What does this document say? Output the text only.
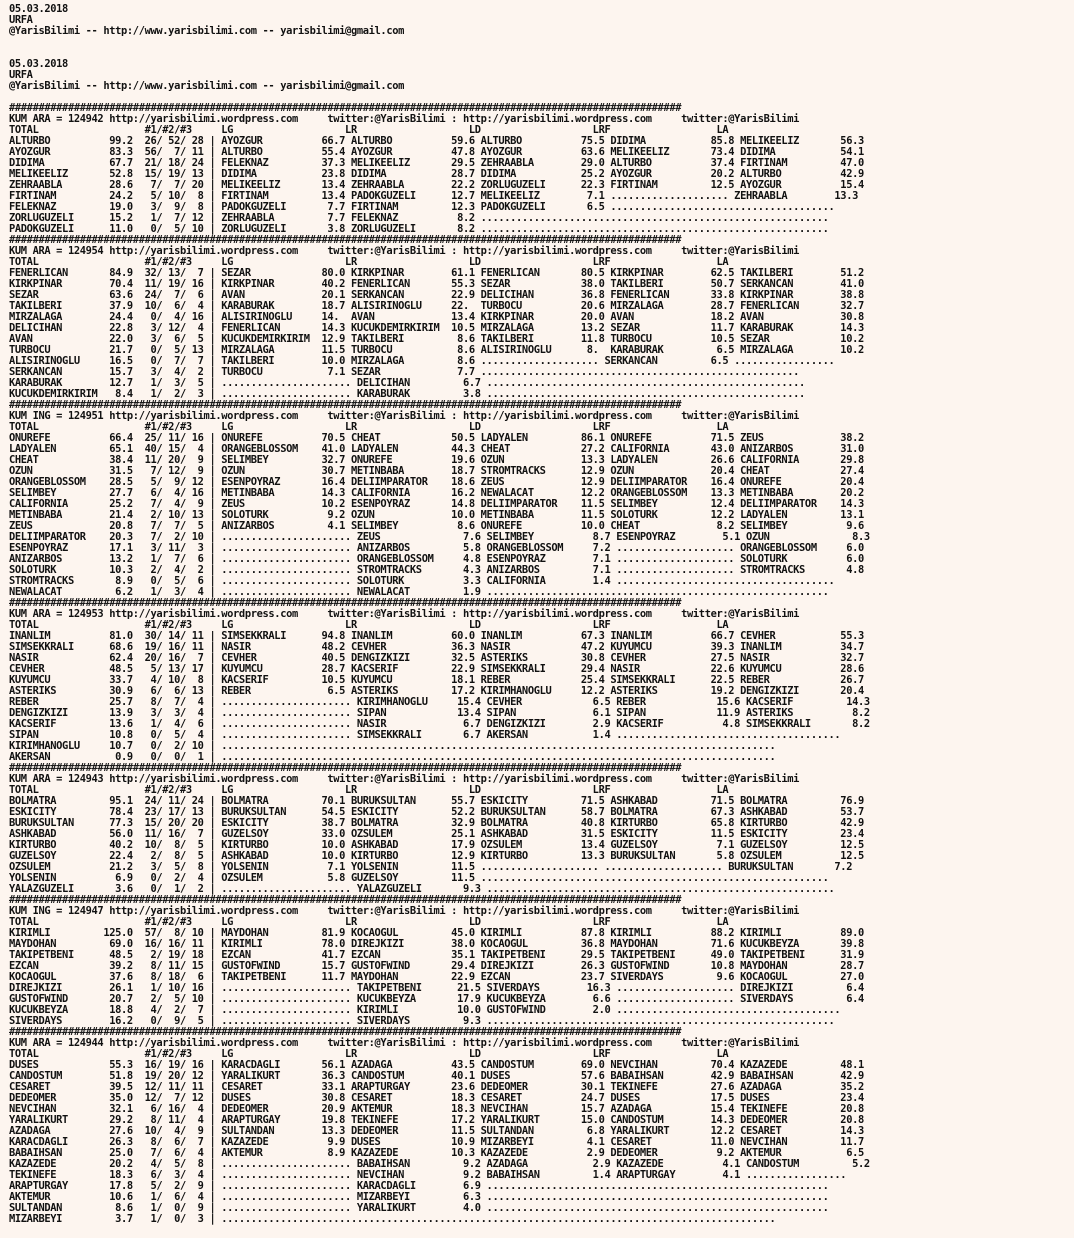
05.03.2018
URFA
@YarisBilimi -- http://www.yarisbilimi.com -- yarisbilimi@gmail.com
05.03.2018
URFA
@YarisBilimi -- http://www.yarisbilimi.com -- yarisbilimi@gmail.com
##################################################################################################################
KUM ARA = 124942 http://yarisbilimi.wordpress.com     twitter:@YarisBilimi : http://yarisbilimi.wordpress.com     twitter:@YarisBilimi
TOTAL                  #1/#2/#3     LG                   LR                   LD                   LRF                  LA
ALTURBO          99.2  26/ 52/ 28 | AYOZGUR          66.7 ALTURBO          59.6 ALTURBO          75.5 DIDIMA           85.8 MELIKEELIZ       56.3
AYOZGUR          83.3  56/  7/ 11 | ALTURBO          55.4 AYOZGUR          47.8 AYOZGUR          63.6 MELIKEELIZ       73.4 DIDIMA           54.1
DIDIMA           67.7  21/ 18/ 24 | FELEKNAZ         37.3 MELIKEELIZ       29.5 ZEHRAABLA        29.0 ALTURBO          37.4 FIRTINAM         47.0
MELIKEELIZ       52.8  15/ 19/ 13 | DIDIMA           23.8 DIDIMA           28.7 DIDIMA           25.2 AYOZGUR          20.2 ALTURBO          42.9
ZEHRAABLA        28.6   7/  7/ 20 | MELIKEELIZ       13.4 ZEHRAABLA        22.2 ZORLUGUZELI      22.3 FIRTINAM         12.5 AYOZGUR          15.4
FIRTINAM         24.2   5/ 10/  8 | FIRTINAM         13.4 PADOKGUZELI      12.7 MELIKEELIZ        7.1 .................... ZEHRAABLA        13.3
FELEKNAZ         19.0   3/  9/  8 | PADOKGUZELI       7.7 FIRTINAM         12.3 PADOKGUZELI       6.5 ......................................
ZORLUGUZELI      15.2   1/  7/ 12 | ZEHRAABLA         7.7 FELEKNAZ          8.2 ...........................................................
PADOKGUZELI      11.0   0/  5/ 10 | ZORLUGUZELI       3.8 ZORLUGUZELI       8.2 ...........................................................
##################################################################################################################
KUM ARA = 124954 http://yarisbilimi.wordpress.com     twitter:@YarisBilimi : http://yarisbilimi.wordpress.com     twitter:@YarisBilimi
TOTAL                  #1/#2/#3     LG                   LR                   LD                   LRF                  LA
FENERLICAN       84.9  32/ 13/  7 | SEZAR            80.0 KIRKPINAR        61.1 FENERLICAN       80.5 KIRKPINAR        62.5 TAKILBERI        51.2
KIRKPINAR        70.4  11/ 19/ 16 | KIRKPINAR        40.2 FENERLICAN       55.3 SEZAR            38.0 TAKILBERI        50.7 SERKANCAN        41.0
SEZAR            63.6  24/  7/  6 | AVAN             20.1 SERKANCAN        22.9 DELICIHAN        36.8 FENERLICAN       33.8 KIRKPINAR        38.8
TAKILBERI        37.9  10/  6/  4 | KARABURAK        18.7 ALISIRINOGLU     22.  TURBOCU          20.6 MIRZALAGA        28.7 FENERLICAN       32.7
MIRZALAGA        24.4   0/  4/ 16 | ALISIRINOGLU     14.  AVAN             13.4 KIRKPINAR        20.0 AVAN             18.2 AVAN             30.8
DELICIHAN        22.8   3/ 12/  4 | FENERLICAN       14.3 KUCUKDEMIRKIRIM  10.5 MIRZALAGA        13.2 SEZAR            11.7 KARABURAK        14.3
AVAN             22.0   3/  6/  5 | KUCUKDEMIRKIRIM  12.9 TAKILBERI         8.6 TAKILBERI        11.8 TURBOCU          10.5 SEZAR            10.2
TURBOCU          21.7   0/  5/ 13 | MIRZALAGA        11.5 TURBOCU           8.6 ALISIRINOGLU      8.  KARABURAK         6.5 MIRZALAGA        10.2
ALISIRINOGLU     16.5   0/  7/  7 | TAKILBERI        10.0 MIRZALAGA         8.6 .................... SERKANCAN         6.5 .................
SERKANCAN        15.7   3/  4/  2 | TURBOCU           7.1 SEZAR             7.7 ......................................................
KARABURAK        12.7   1/  3/  5 | ...................... DELICIHAN         6.7 ......................................................
KUCUKDEMIRKIRIM   8.4   1/  2/  3 | ...................... KARABURAK         3.8 ......................................................
##################################################################################################################
KUM ING = 124951 http://yarisbilimi.wordpress.com     twitter:@YarisBilimi : http://yarisbilimi.wordpress.com     twitter:@YarisBilimi
TOTAL                  #1/#2/#3     LG                   LR                   LD                   LRF                  LA
ONUREFE          66.4  25/ 11/ 16 | ONUREFE          70.5 CHEAT            50.5 LADYALEN         86.1 ONUREFE          71.5 ZEUS             38.2
LADYALEN         65.1  40/ 15/  4 | ORANGEBLOSSOM    41.0 LADYALEN         44.3 CHEAT            27.2 CALIFORNIA       43.0 ANIZARBOS        31.0
CHEAT            38.4  11/ 20/  9 | SELIMBEY         32.7 ONUREFE          19.6 OZUN             13.3 LADYALEN         26.6 CALIFORNIA       29.8
OZUN             31.5   7/ 12/  9 | OZUN             30.7 METINBABA        18.7 STROMTRACKS      12.9 OZUN             20.4 CHEAT            27.4
ORANGEBLOSSOM    28.5   5/  9/ 12 | ESENPOYRAZ       16.4 DELIIMPARATOR    18.6 ZEUS             12.9 DELIIMPARATOR    16.4 ONUREFE          20.4
SELIMBEY         27.7   6/  4/ 16 | METINBABA        14.3 CALIFORNIA       16.2 NEWALACAT        12.2 ORANGEBLOSSOM    13.3 METINBABA        20.2
CALIFORNIA       25.2   7/  4/  9 | ZEUS             10.2 ESENPOYRAZ       14.8 DELIIMPARATOR    11.5 SELIMBEY         12.4 DELIIMPARATOR    14.3
METINBABA        21.4   2/ 10/ 13 | SOLOTURK          9.2 OZUN             10.0 METINBABA        11.5 SOLOTURK         12.2 LADYALEN         13.1
ZEUS             20.8   7/  7/  5 | ANIZARBOS         4.1 SELIMBEY          8.6 ONUREFE          10.0 CHEAT             8.2 SELIMBEY          9.6
DELIIMPARATOR    20.3   7/  2/ 10 | ...................... ZEUS              7.6 SELIMBEY          8.7 ESENPOYRAZ        5.1 OZUN              8.3
ESENPOYRAZ       17.1   3/ 11/  3 | ...................... ANIZARBOS         5.8 ORANGEBLOSSOM     7.2 .................... ORANGEBLOSSOM     6.0
ANIZARBOS        13.2   1/  7/  6 | ...................... ORANGEBLOSSOM     4.8 ESENPOYRAZ        7.1 .................... SOLOTURK          6.0
SOLOTURK         10.3   2/  4/  2 | ...................... STROMTRACKS       4.3 ANIZARBOS         7.1 .................... STROMTRACKS       4.8
STROMTRACKS       8.9   0/  5/  6 | ...................... SOLOTURK          3.3 CALIFORNIA        1.4 .....................................
NEWALACAT         6.2   1/  3/  4 | ...................... NEWALACAT         1.9 ..........................................................
##################################################################################################################
KUM ARA = 124953 http://yarisbilimi.wordpress.com     twitter:@YarisBilimi : http://yarisbilimi.wordpress.com     twitter:@YarisBilimi
TOTAL                  #1/#2/#3     LG                   LR                   LD                   LRF                  LA
INANLIM          81.0  30/ 14/ 11 | SIMSEKKRALI      94.8 INANLIM          60.0 INANLIM          67.3 INANLIM          66.7 CEVHER           55.3
SIMSEKKRALI      68.6  19/ 16/ 11 | NASIR            48.2 CEVHER           36.3 NASIR            47.2 KUYUMCU          39.3 INANLIM          34.7
NASIR            62.4  20/ 16/  7 | CEVHER           40.5 DENGIZKIZI       32.5 ASTERIKS         30.8 CEVHER           27.5 NASIR            32.7
CEVHER           48.5   5/ 13/ 17 | KUYUMCU          28.7 KACSERIF         22.9 SIMSEKKRALI      29.4 NASIR            22.6 KUYUMCU          28.6
KUYUMCU          33.7   4/ 10/  8 | KACSERIF         10.5 KUYUMCU          18.1 REBER            25.4 SIMSEKKRALI      22.5 REBER            26.7
ASTERIKS         30.9   6/  6/ 13 | REBER             6.5 ASTERIKS         17.2 KIRIMHANOGLU     12.2 ASTERIKS         19.2 DENGIZKIZI       20.4
REBER            25.7   8/  7/  4 | ...................... KIRIMHANOGLU     15.4 CEVHER            6.5 REBER            15.6 KACSERIF         14.3
DENGIZKIZI       13.9   3/  3/  4 | ...................... SIPAN            13.4 SIPAN             6.1 SIPAN            11.9 ASTERIKS          8.2
KACSERIF         13.6   1/  4/  6 | ...................... NASIR             6.7 DENGIZKIZI        2.9 KACSERIF          4.8 SIMSEKKRALI       8.2
SIPAN            10.8   0/  5/  4 | ...................... SIMSEKKRALI       6.7 AKERSAN           1.4 ......................................
KIRIMHANOGLU     10.7   0/  2/ 10 | ..............................................................................................
AKERSAN           0.9   0/  0/  1 | ..............................................................................................
##################################################################################################################
KUM ARA = 124943 http://yarisbilimi.wordpress.com     twitter:@YarisBilimi : http://yarisbilimi.wordpress.com     twitter:@YarisBilimi
TOTAL                  #1/#2/#3     LG                   LR                   LD                   LRF                  LA
BOLMATRA         95.1  24/ 11/ 24 | BOLMATRA         70.1 BURUKSULTAN      55.7 ESKICITY         71.5 ASHKABAD         71.5 BOLMATRA         76.9
ESKICITY         78.4  23/ 17/ 13 | BURUKSULTAN      54.5 ESKICITY         52.2 BURUKSULTAN      58.7 BOLMATRA         67.3 ASHKABAD         53.7
BURUKSULTAN      77.3  15/ 20/ 20 | ESKICITY         38.7 BOLMATRA         32.9 BOLMATRA         40.8 KIRTURBO         65.8 KIRTURBO         42.9
ASHKABAD         56.0  11/ 16/  7 | GUZELSOY         33.0 OZSULEM          25.1 ASHKABAD         31.5 ESKICITY         11.5 ESKICITY         23.4
KIRTURBO         40.2  10/  8/  5 | KIRTURBO         10.0 ASHKABAD         17.9 OZSULEM          13.4 GUZELSOY          7.1 GUZELSOY         12.5
GUZELSOY         22.4   2/  8/  5 | ASHKABAD         10.0 KIRTURBO         12.9 KIRTURBO         13.3 BURUKSULTAN       5.8 OZSULEM          12.5
OZSULEM          21.2   3/  5/  8 | YOLSENIN          7.1 YOLSENIN         11.5 .................... .................... BURUKSULTAN       7.2
YOLSENIN          6.9   0/  2/  4 | OZSULEM           5.8 GUZELSOY         11.5 ...........................................................
YALAZGUZELI       3.6   0/  1/  2 | ...................... YALAZGUZELI       9.3 ...........................................................
##################################################################################################################
KUM ING = 124947 http://yarisbilimi.wordpress.com     twitter:@YarisBilimi : http://yarisbilimi.wordpress.com     twitter:@YarisBilimi
TOTAL                  #1/#2/#3     LG                   LR                   LD                   LRF                  LA
KIRIMLI         125.0  57/  8/ 10 | MAYDOHAN         81.9 KOCAOGUL         45.0 KIRIMLI          87.8 KIRIMLI          88.2 KIRIMLI          89.0
MAYDOHAN         69.0  16/ 16/ 11 | KIRIMLI          78.0 DIREJKIZI        38.0 KOCAOGUL         36.8 MAYDOHAN         71.6 KUCUKBEYZA       39.8
TAKIPETBENI      48.5   2/ 19/ 18 | EZCAN            41.7 EZCAN            35.1 TAKIPETBENI      29.5 TAKIPETBENI      49.0 TAKIPETBENI      31.9
EZCAN            39.2   8/ 11/ 15 | GUSTOFWIND       15.7 GUSTOFWIND       29.4 DIREJKIZI        26.3 GUSTOFWIND       10.8 MAYDOHAN         28.7
KOCAOGUL         37.6   8/ 18/  6 | TAKIPETBENI      11.7 MAYDOHAN         22.9 EZCAN            23.7 SIVERDAYS         9.6 KOCAOGUL         27.0
DIREJKIZI        26.1   1/ 10/ 16 | ...................... TAKIPETBENI      21.5 SIVERDAYS        16.3 .................... DIREJKIZI         6.4
GUSTOFWIND       20.7   2/  5/ 10 | ...................... KUCUKBEYZA       17.9 KUCUKBEYZA        6.6 .................... SIVERDAYS         6.4
KUCUKBEYZA       18.8   4/  2/  7 | ...................... KIRIMLI          10.0 GUSTOFWIND        2.0 ......................................
SIVERDAYS        16.2   0/  9/  5 | ...................... SIVERDAYS         9.3 ...........................................................
##################################################################################################################
KUM ARA = 124944 http://yarisbilimi.wordpress.com     twitter:@YarisBilimi : http://yarisbilimi.wordpress.com     twitter:@YarisBilimi
TOTAL                  #1/#2/#3     LG                   LR                   LD                   LRF                  LA
DUSES            55.3  16/ 19/ 16 | KARACDAGLI       56.1 AZADAGA          43.5 CANDOSTUM        69.0 NEVCIHAN         70.4 KAZAZEDE         48.1
CANDOSTUM        51.8  19/ 20/ 12 | YARALIKURT       36.3 CANDOSTUM        40.1 DUSES            57.6 BABAIHSAN        42.9 BABAIHSAN        42.9
CESARET          39.5  12/ 11/ 11 | CESARET          33.1 ARAPTURGAY       23.6 DEDEOMER         30.1 TEKINEFE         27.6 AZADAGA          35.2
DEDEOMER         35.0  12/  7/ 12 | DUSES            30.8 CESARET          18.3 CESARET          24.7 DUSES            17.5 DUSES            23.4
NEVCIHAN         32.1   6/ 16/  4 | DEDEOMER         20.9 AKTEMUR          18.3 NEVCIHAN         15.7 AZADAGA          15.4 TEKINEFE         20.8
YARALIKURT       29.2   8/ 11/  4 | ARAPTURGAY       19.8 TEKINEFE         17.2 YARALIKURT       15.0 CANDOSTUM        14.3 DEDEOMER         20.8
AZADAGA          27.6  10/  4/  9 | SULTANDAN        13.3 DEDEOMER         11.5 SULTANDAN         6.8 YARALIKURT       12.2 CESARET          14.3
KARACDAGLI       26.3   8/  6/  7 | KAZAZEDE          9.9 DUSES            10.9 MIZARBEYI         4.1 CESARET          11.0 NEVCIHAN         11.7
BABAIHSAN        25.0   7/  6/  4 | AKTEMUR           8.9 KAZAZEDE         10.3 KAZAZEDE          2.9 DEDEOMER          9.2 AKTEMUR           6.5
KAZAZEDE         20.2   4/  5/  8 | ...................... BABAIHSAN         9.2 AZADAGA           2.9 KAZAZEDE          4.1 CANDOSTUM         5.2
TEKINEFE         18.3   6/  3/  4 | ...................... NEVCIHAN          9.2 BABAIHSAN         1.4 ARAPTURGAY        4.1 .................
ARAPTURGAY       17.8   5/  2/  9 | ...................... KARACDAGLI        6.9 ..........................................................
AKTEMUR          10.6   1/  6/  4 | ...................... MIZARBEYI         6.3 ..........................................................
SULTANDAN         8.6   1/  0/  9 | ...................... YARALIKURT        4.0 ..........................................................
MIZARBEYI         3.7   1/  0/  3 | ..............................................................................................
